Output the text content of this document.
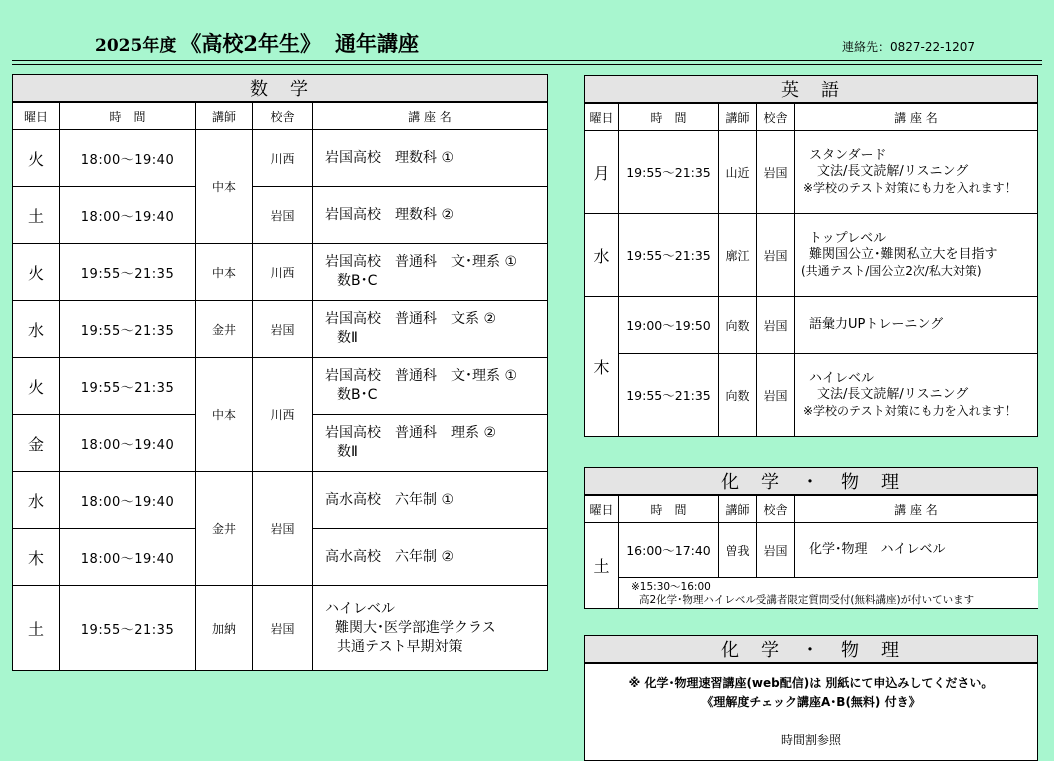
2025年度 《高校2年生》 通年講座	連絡先：0827-22-1207
数　学				
曜日	時　間	講師	校舎	講 座 名
火	18:00～19:40	中本	川西	岩国高校　理数科 ①

土	18:00～19:40		岩国	岩国高校　理数科 ②

火	19:55～21:35	中本	川西	岩国高校　普通科　文･理系 ①
数B･C

水	19:55～21:35	金井	岩国	岩国高校　普通科　文系 ②
数Ⅱ

火	19:55～21:35	中本	川西	岩国高校　普通科　文･理系 ①
数B･C

金	18:00～19:40			岩国高校　普通科　理系 ②
数Ⅱ

水	18:00～19:40	金井	岩国	高水高校　六年制 ①

木	18:00～19:40			高水高校　六年制 ②

土	19:55～21:35	加納	岩国	ハイレベル
難関大･医学部進学クラス
共通テスト早期対策
英　語				
曜日	時　間	講師	校舎	講 座 名
月	19:55～21:35	山近	岩国	スタンダード
文法/長文読解/リスニング
※学校のテスト対策にも力を入れます！

水	19:55～21:35	廓江	岩国	トップレベル
難関国公立･難関私立大を目指す
(共通テスト/国公立2次/私大対策)

木	19:00～19:50	向数	岩国	語彙力UPトレーニング

	19:55～21:35	向数	岩国	ハイレベル
文法/長文読解/リスニング
※学校のテスト対策にも力を入れます！
化　学　・　物　理				
曜日	時　間	講師	校舎	講 座 名
土	16:00～17:40	曽我	岩国	化学･物理　ハイレベル

	※15:30～16:00
高2化学･物理ハイレベル受講者限定質問受付(無料講座)が付いています			
化　学　・　物　理

※ 化学･物理速習講座(web配信)は 別紙にて申込みしてください。
《理解度チェック講座A･B(無料) 付き》

時間割参照
